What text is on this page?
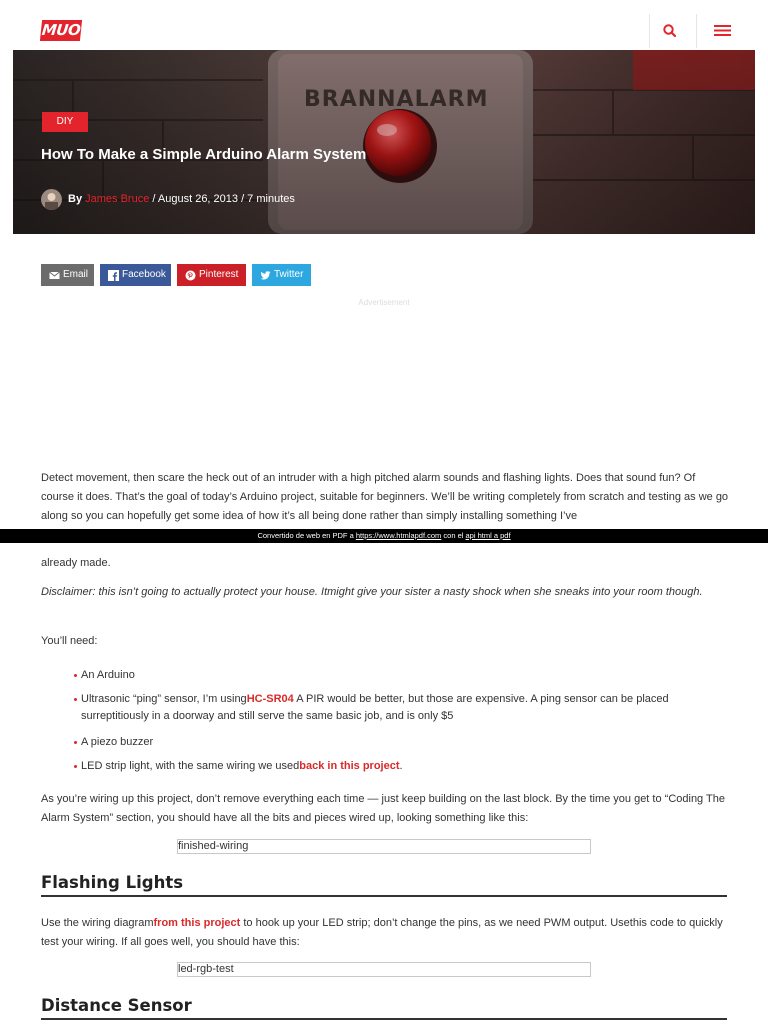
MUO
DIY
How To Make a Simple Arduino Alarm System
By James Bruce / August 26, 2013 / 7 minutes
Email	Facebook	Pinterest	Twitter
Advertisement
Detect movement, then scare the heck out of an intruder with a high pitched alarm sounds and flashing lights. Does that sound fun? Of course it does. That’s the goal of today’s Arduino project, suitable for beginners. We’ll be writing completely from scratch and testing as we go along so you can hopefully get some idea of how it’s all being done rather than simply installing something I’ve
Convertido de web en PDF a https://www.htmlapdf.com con el api html a pdf
already made.
Disclaimer: this isn’t going to actually protect your house. Itmight give your sister a nasty shock when she sneaks into your room though.
You’ll need:
An Arduino
Ultrasonic “ping” sensor, I’m usingHC-SR04 A PIR would be better, but those are expensive. A ping sensor can be placed surreptitiously in a doorway and still serve the same basic job, and is only $5
A piezo buzzer
LED strip light, with the same wiring we usedback in this project.
As you’re wiring up this project, don’t remove everything each time — just keep building on the last block. By the time you get to “Coding The Alarm System” section, you should have all the bits and pieces wired up, looking something like this:
finished-wiring
Flashing Lights
Use the wiring diagramfrom this project to hook up your LED strip; don’t change the pins, as we need PWM output. Usethis code to quickly test your wiring. If all goes well, you should have this:
led-rgb-test
Distance Sensor
